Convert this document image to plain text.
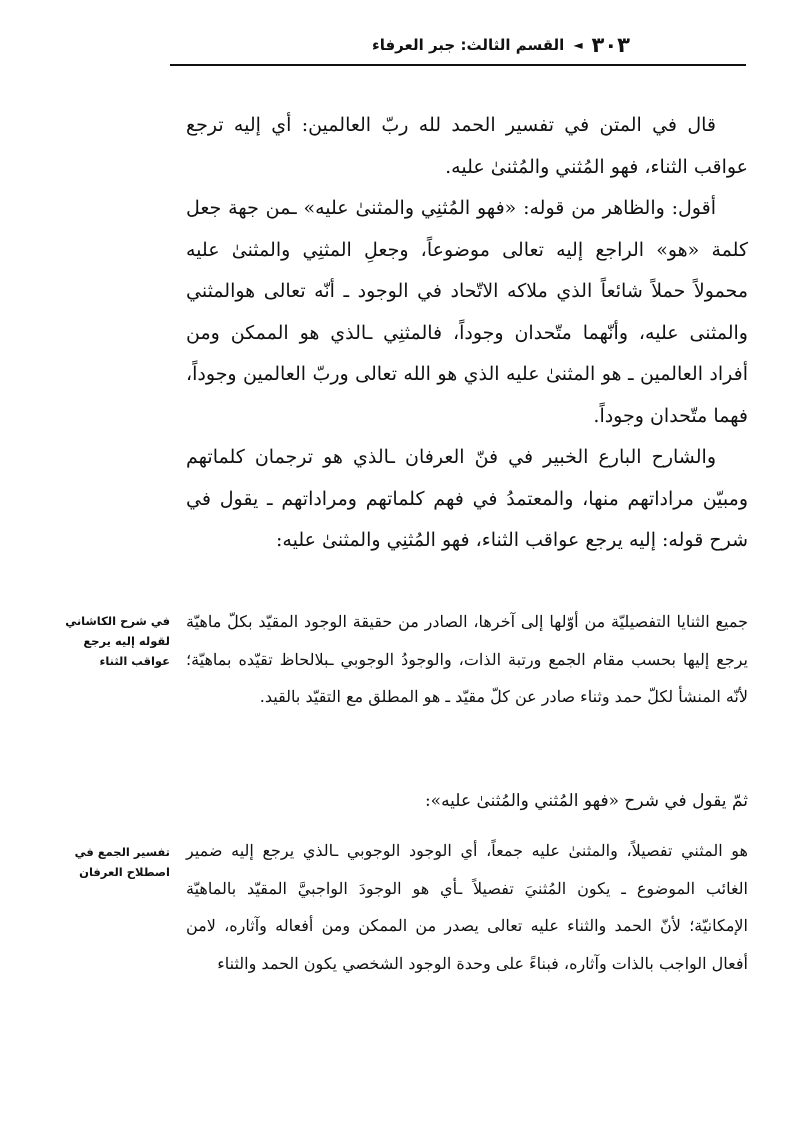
٣٠٣
◄
القسم الثالث: جبر العرفاء

قال في المتن في تفسير الحمد لله ربّ العالمين: أي إليه ترجع عواقب الثناء، فهو المُثني والمُثنىٰ عليه.

أقول: والظاهر من قوله: «فهو المُثنِي والمثنىٰ عليه» ـمن جهة جعل كلمة «هو» الراجع إليه تعالى موضوعاً، وجعلِ المثنِي والمثنىٰ عليه محمولاً حملاً شائعاً الذي ملاكه الاتّحاد في الوجود ـ أنّه تعالى هوالمثني والمثنى عليه، وأنّهما متّحدان وجوداً، فالمثنِي ـالذي هو الممكن ومن أفراد العالمين ـ هو المثنىٰ عليه الذي هو الله تعالى وربّ العالمين وجوداً، فهما متّحدان وجوداً.

والشارح البارع الخبير في فنّ العرفان ـالذي هو ترجمان كلماتهم ومبيّن مراداتهم منها، والمعتمدُ في فهم كلماتهم ومراداتهم ـ يقول في شرح قوله: إليه يرجع عواقب الثناء، فهو المُثنِي والمثنىٰ عليه:

جميع الثنايا التفصيليّة من أوّلها إلى آخرها، الصادر من حقيقة الوجود المقيّد بكلّ ماهيّة يرجع إليها بحسب مقام الجمع ورتبة الذات، والوجودُ الوجوبي ـبلالحاظ تقيّده بماهيّة؛ لأنّه المنشأ لكلّ حمد وثناء صادر عن كلّ مقيّد ـ هو المطلق مع التقيّد بالقيد.

في شرح الكاشاني لقوله إليه يرجع عواقب الثناء

ثمّ يقول في شرح «فهو المُثني والمُثنىٰ عليه»:

هو المثني تفصيلاً، والمثنىٰ عليه جمعاً، أي الوجود الوجوبي ـالذي يرجع إليه ضمير الغائب الموضوع ـ يكون المُثنيَ تفصيلاً ـأي هو الوجودَ الواجبيَّ المقيّد بالماهيّة الإمكانيّة؛ لأنّ الحمد والثناء عليه تعالى يصدر من الممكن ومن أفعاله وآثاره، لامن أفعال الواجب بالذات وآثاره، فبناءً على وحدة الوجود الشخصي يكون الحمد والثناء

تفسير الجمع في اصطلاح العرفان
